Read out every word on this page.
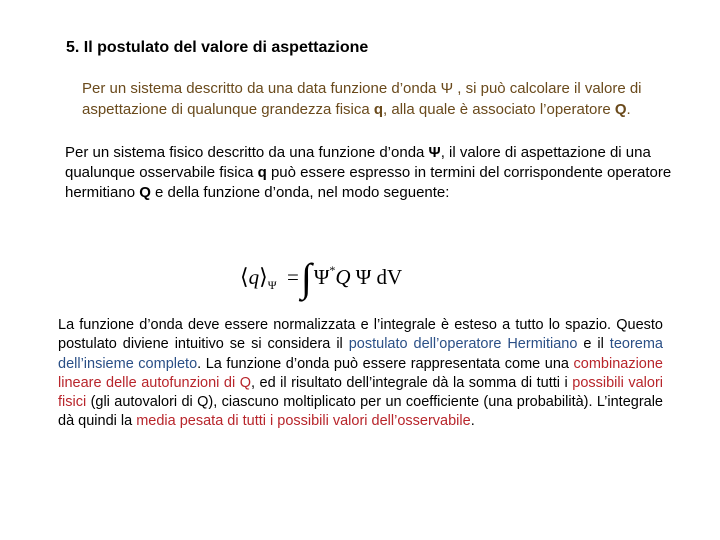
5. Il postulato del valore di aspettazione
Per un sistema descritto da una data funzione d’onda Ψ , si può calcolare il valore di aspettazione di qualunque grandezza fisica q, alla quale è associato l’operatore Q.
Per un sistema fisico descritto da una funzione d’onda Ψ, il valore di aspettazione di una qualunque osservabile fisica q può essere espresso in termini del corrispondente operatore hermitiano Q e della funzione d’onda, nel modo seguente:
$⟨q⟩_\Psi =\int\Psi^*Q$ Ψ dV
La funzione d’onda deve essere normalizzata e l’integrale è esteso a tutto lo spazio. Questo postulato diviene intuitivo se si considera il postulato dell’operatore Hermitiano e il teorema dell’insieme completo. La funzione d’onda può essere rappresentata come una combinazione lineare delle autofunzioni di Q, ed il risultato dell’integrale dà la somma di tutti i possibili valori fisici (gli autovalori di Q), ciascuno moltiplicato per un coefficiente (una probabilità). L’integrale dà quindi la media pesata di tutti i possibili valori dell’osservabile.
